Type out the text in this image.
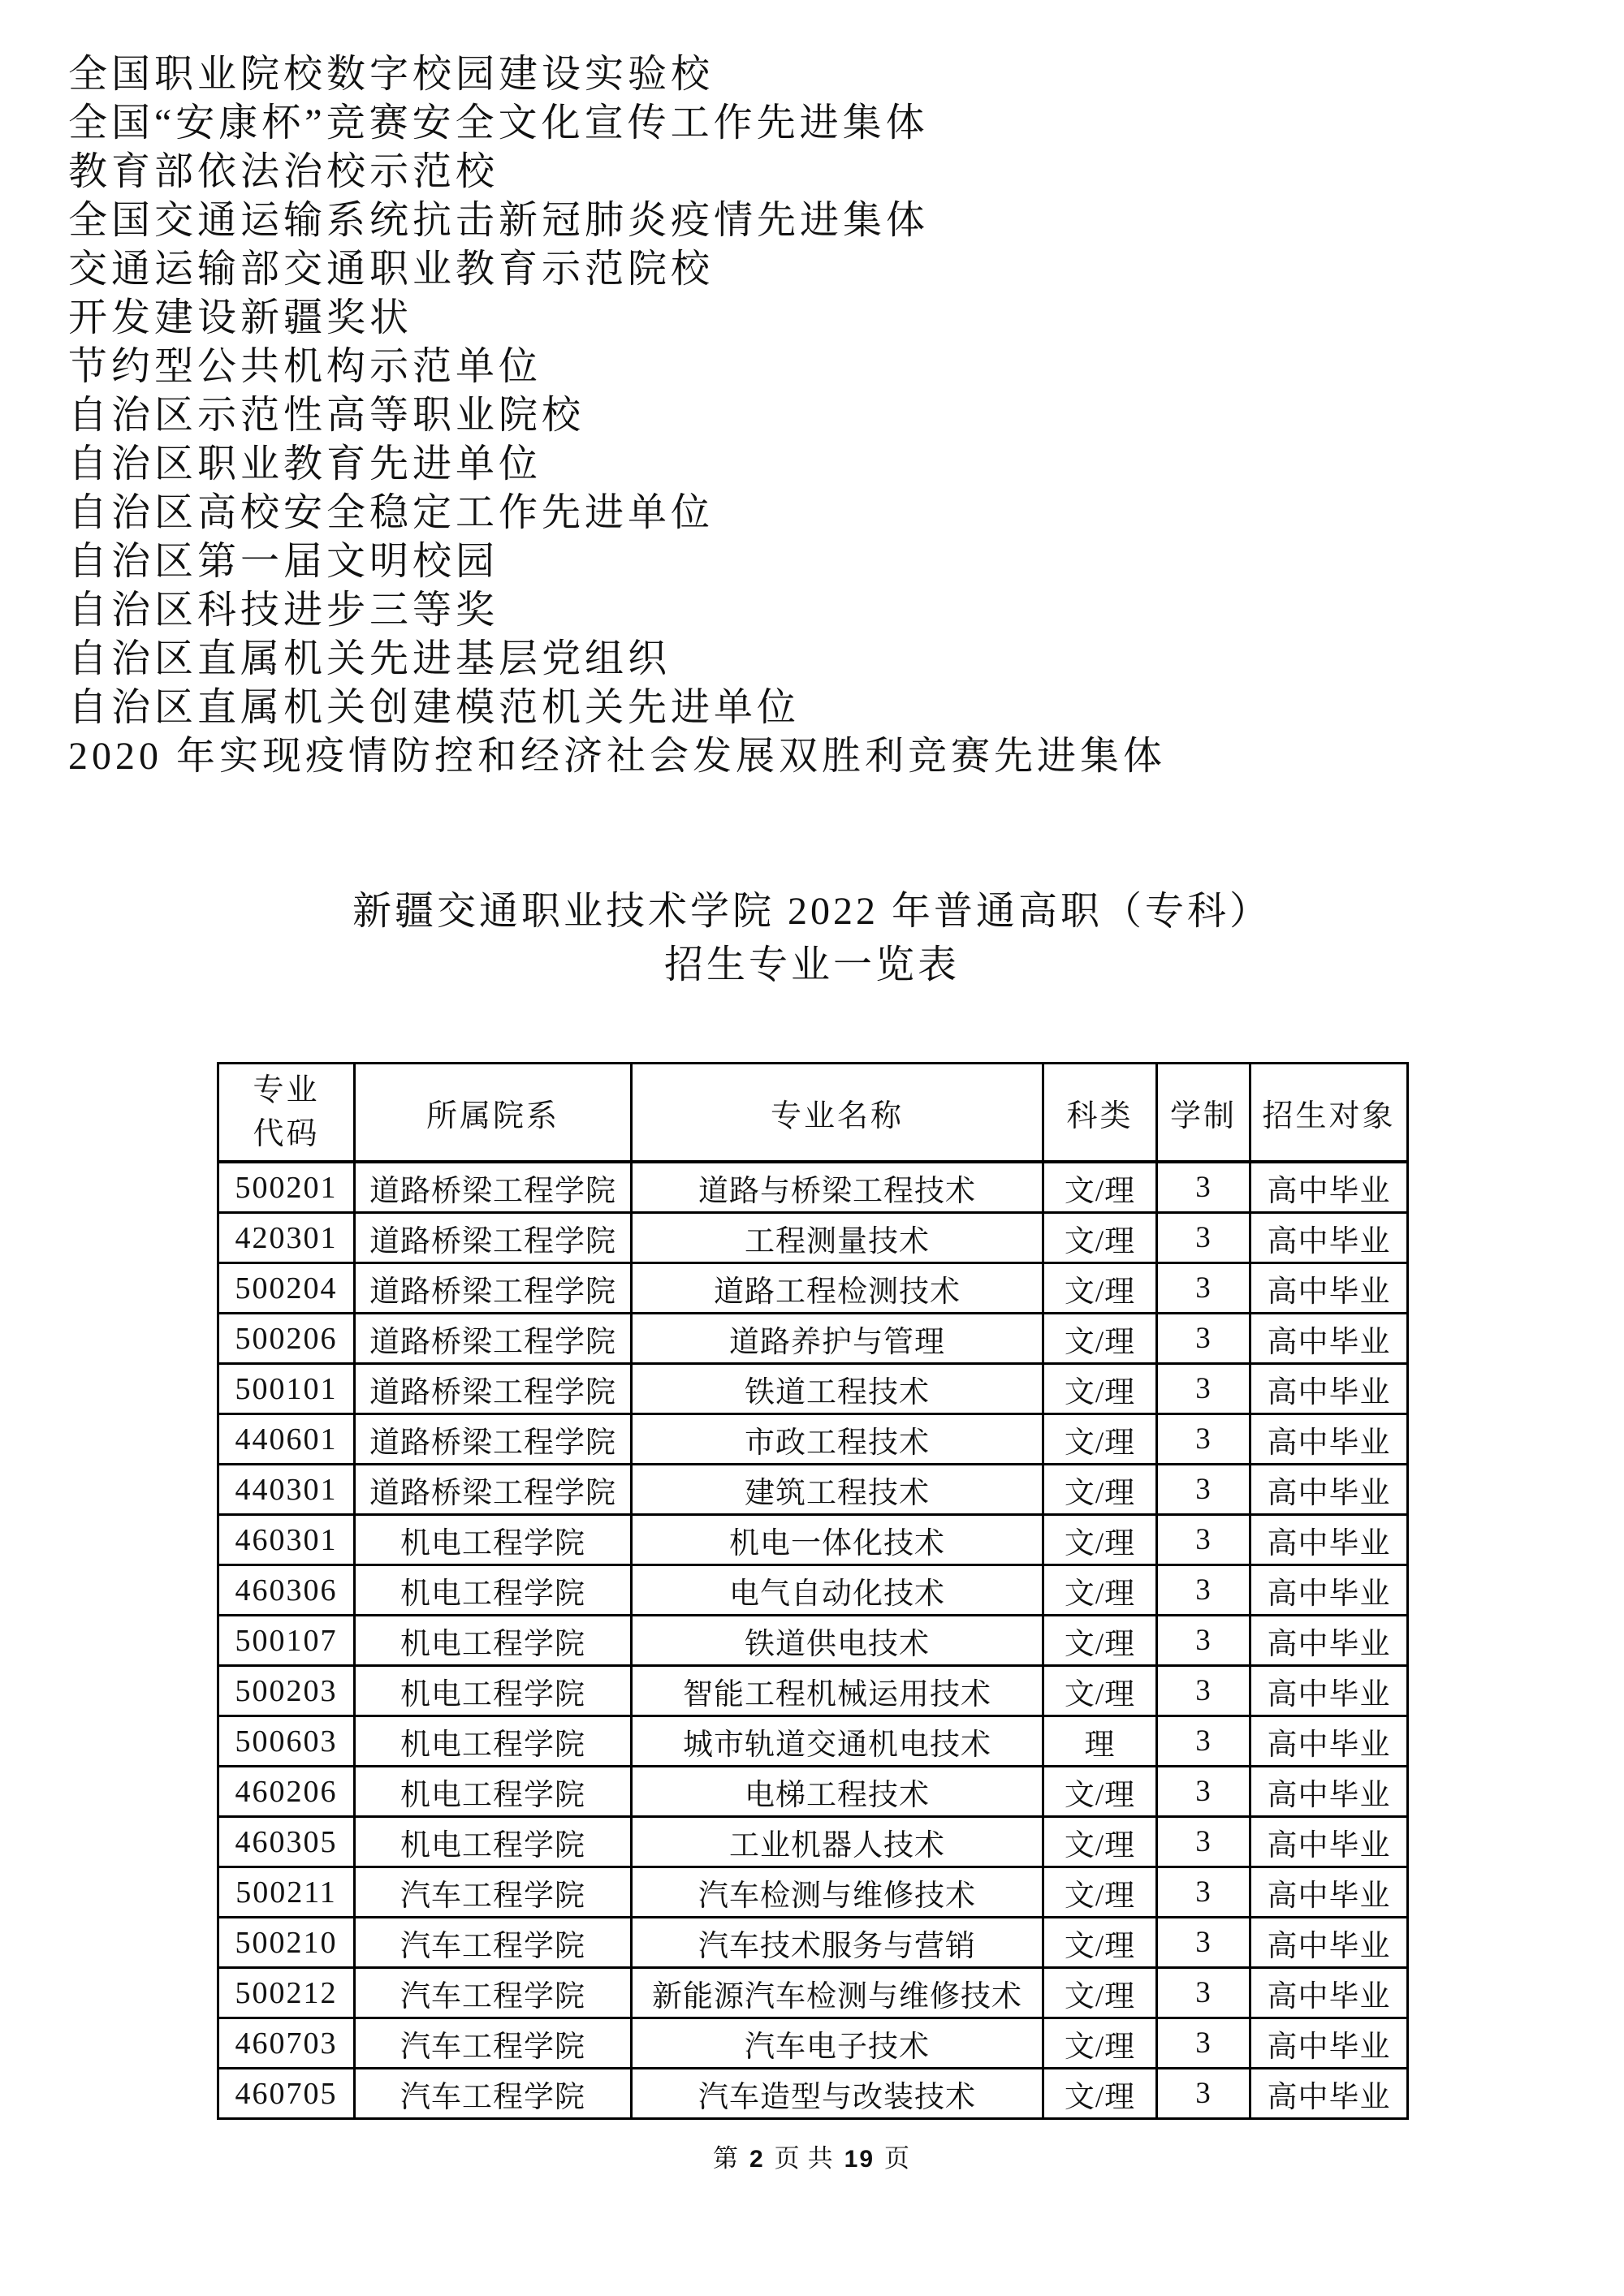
全国职业院校数字校园建设实验校
全国“安康杯”竞赛安全文化宣传工作先进集体
教育部依法治校示范校
全国交通运输系统抗击新冠肺炎疫情先进集体
交通运输部交通职业教育示范院校
开发建设新疆奖状
节约型公共机构示范单位
自治区示范性高等职业院校
自治区职业教育先进单位
自治区高校安全稳定工作先进单位
自治区第一届文明校园
自治区科技进步三等奖
自治区直属机关先进基层党组织
自治区直属机关创建模范机关先进单位
2020 年实现疫情防控和经济社会发展双胜利竞赛先进集体
新疆交通职业技术学院 2022 年普通高职（专科）
招生专业一览表
专业
代码	所属院系	专业名称	科类	学制	招生对象
500201	道路桥梁工程学院	道路与桥梁工程技术	文/理	3	高中毕业
420301	道路桥梁工程学院	工程测量技术	文/理	3	高中毕业
500204	道路桥梁工程学院	道路工程检测技术	文/理	3	高中毕业
500206	道路桥梁工程学院	道路养护与管理	文/理	3	高中毕业
500101	道路桥梁工程学院	铁道工程技术	文/理	3	高中毕业
440601	道路桥梁工程学院	市政工程技术	文/理	3	高中毕业
440301	道路桥梁工程学院	建筑工程技术	文/理	3	高中毕业
460301	机电工程学院	机电一体化技术	文/理	3	高中毕业
460306	机电工程学院	电气自动化技术	文/理	3	高中毕业
500107	机电工程学院	铁道供电技术	文/理	3	高中毕业
500203	机电工程学院	智能工程机械运用技术	文/理	3	高中毕业
500603	机电工程学院	城市轨道交通机电技术	理	3	高中毕业
460206	机电工程学院	电梯工程技术	文/理	3	高中毕业
460305	机电工程学院	工业机器人技术	文/理	3	高中毕业
500211	汽车工程学院	汽车检测与维修技术	文/理	3	高中毕业
500210	汽车工程学院	汽车技术服务与营销	文/理	3	高中毕业
500212	汽车工程学院	新能源汽车检测与维修技术	文/理	3	高中毕业
460703	汽车工程学院	汽车电子技术	文/理	3	高中毕业
460705	汽车工程学院	汽车造型与改装技术	文/理	3	高中毕业
第 2 页 共 19 页
